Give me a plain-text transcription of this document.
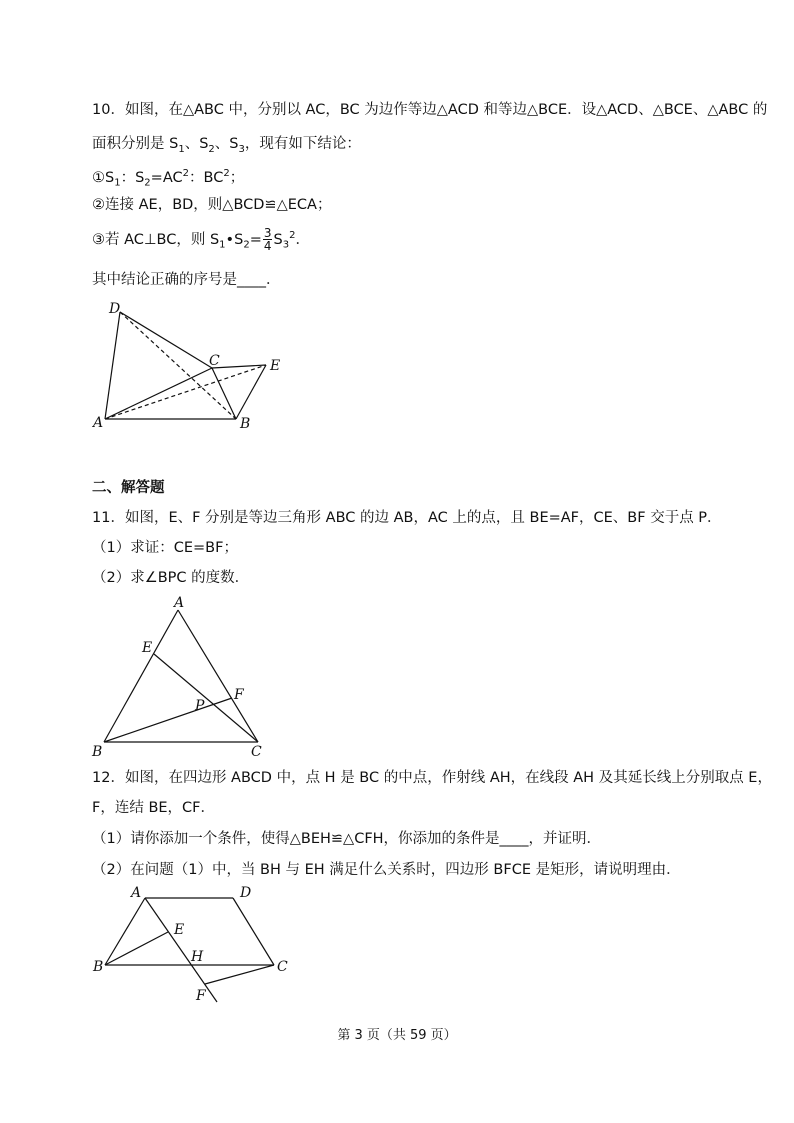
10．如图，在△ABC 中，分别以 AC，BC 为边作等边△ACD 和等边△BCE．设△ACD、△BCE、△ABC 的
面积分别是 $S_1$、$S_2$、$S_3$，现有如下结论：
$①S_1$：$S_2=AC^2$：$BC^2$；
②连接 AE，BD，则△BCD≌△ECA；
③若 AC⊥BC，则 $S_1•S_2= \frac{3}{4} S_3^2$．
其中结论正确的序号是____．
D
C	E
A	B
二、解答题
11．如图，E、F 分别是等边三角形 ABC 的边 AB，AC 上的点，且 BE=AF，CE、BF 交于点 P．
（1）求证：CE=BF；
（2）求∠BPC 的度数．
A
E
F
P
B	C
12．如图，在四边形 ABCD 中，点 H 是 BC 的中点，作射线 AH，在线段 AH 及其延长线上分别取点 E，
F，连结 BE，CF．
（1）请你添加一个条件，使得△BEH≌△CFH，你添加的条件是____，并证明．
（2）在问题（1）中，当 BH 与 EH 满足什么关系时，四边形 BFCE 是矩形，请说明理由．
A	D
E
H
B	C
F
第 3 页（共 59 页）
